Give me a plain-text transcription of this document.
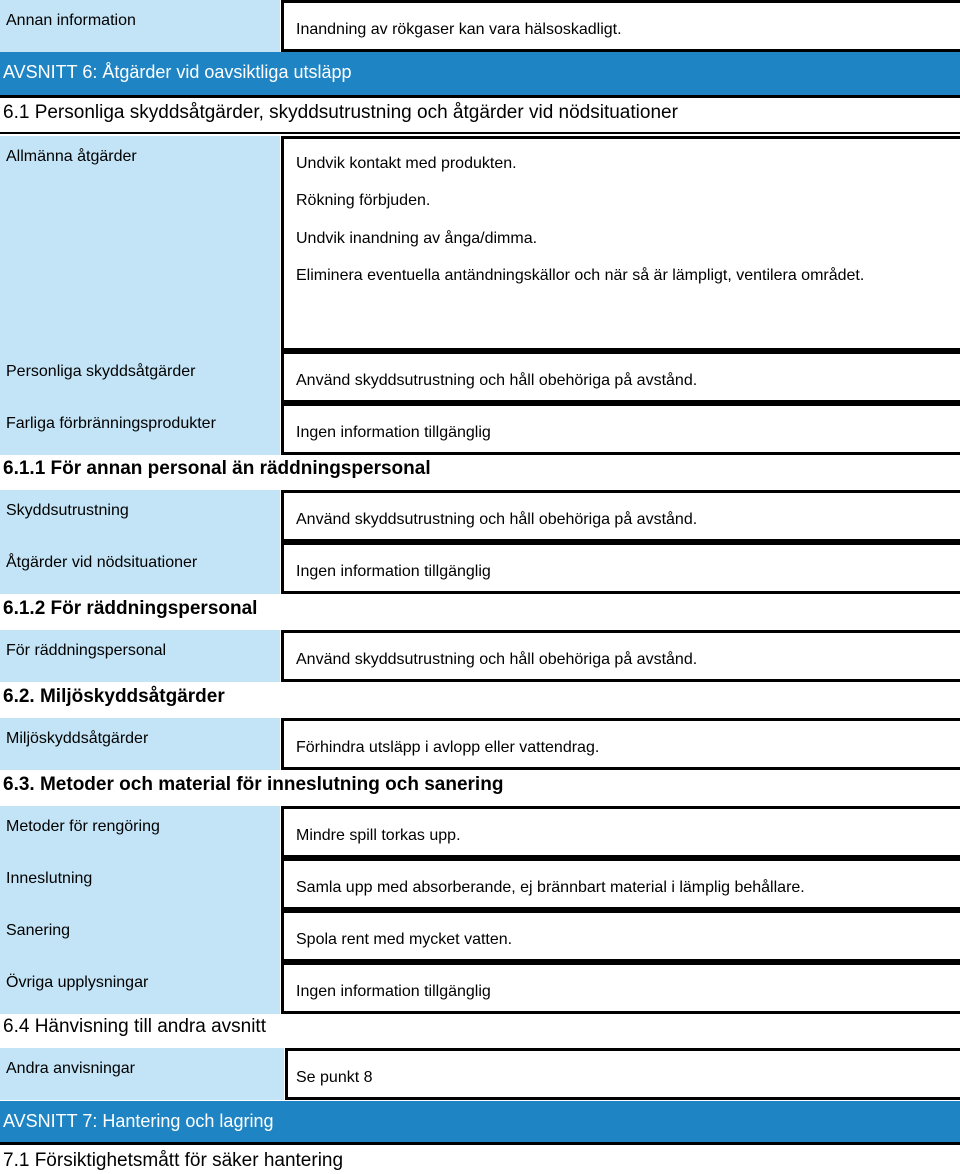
Annan information
Inandning av rökgaser kan vara hälsoskadligt.
AVSNITT 6: Åtgärder vid oavsiktliga utsläpp
6.1 Personliga skyddsåtgärder, skyddsutrustning och åtgärder vid nödsituationer
Allmänna åtgärder	Undvik kontakt med produkten.

Rökning förbjuden.

Undvik inandning av ånga/dimma.

Eliminera eventuella antändningskällor och när så är lämpligt, ventilera området.

Personliga skyddsåtgärder
Använd skyddsutrustning och håll obehöriga på avstånd.
Farliga förbränningsprodukter
Ingen information tillgänglig
6.1.1 För annan personal än räddningspersonal
Skyddsutrustning
Använd skyddsutrustning och håll obehöriga på avstånd.
Åtgärder vid nödsituationer
Ingen information tillgänglig
6.1.2 För räddningspersonal
För räddningspersonal
Använd skyddsutrustning och håll obehöriga på avstånd.
6.2. Miljöskyddsåtgärder
Miljöskyddsåtgärder
Förhindra utsläpp i avlopp eller vattendrag.
6.3. Metoder och material för inneslutning och sanering
Metoder för rengöring
Mindre spill torkas upp.
Inneslutning
Samla upp med absorberande, ej brännbart material i lämplig behållare.
Sanering
Spola rent med mycket vatten.
Övriga upplysningar
Ingen information tillgänglig
6.4 Hänvisning till andra avsnitt
Andra anvisningar
Se punkt 8
AVSNITT 7: Hantering och lagring
7.1 Försiktighetsmått för säker hantering
